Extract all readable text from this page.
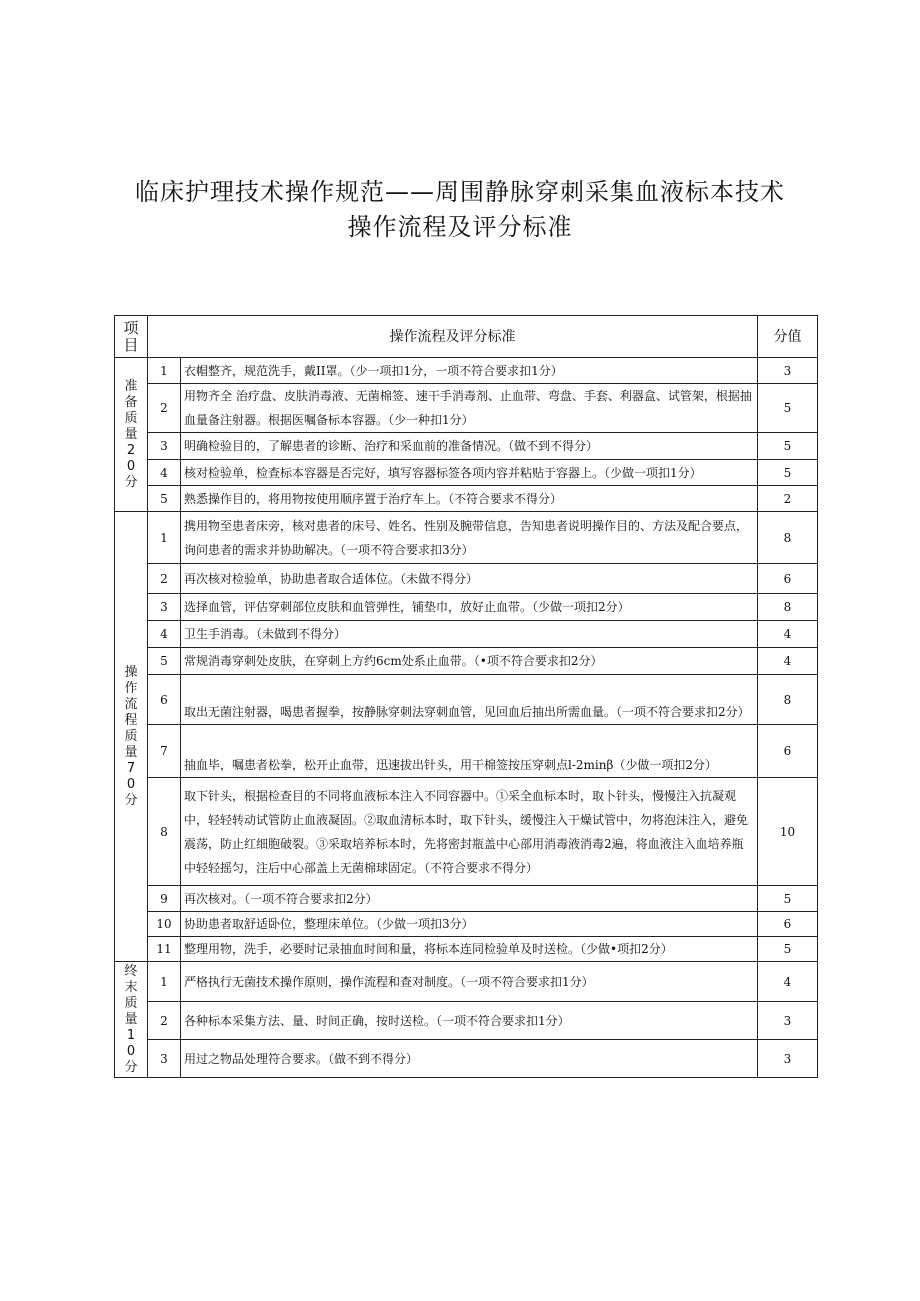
临床护理技术操作规范——周围静脉穿刺采集血液标本技术
操作流程及评分标准
项目	操作流程及评分标准		分值

准备质量20分	1	衣帽整齐，规范洗手，戴II罩。（少一项扣1分，一项不符合要求扣1分）	3
	2	用物齐全 治疗盘、皮肤消毒液、无菌棉签、速干手消毒剂、止血带、弯盘、手套、利器盒、试管架，根据抽血量备注射器。根据医嘱备标本容器。（少一种扣1分）	5
	3	明确检验目的，了解患者的诊断、治疗和采血前的准备情况。（做不到不得分）	5
	4	核对检验单，检查标本容器是否完好，填写容器标签各项内容并粘贴于容器上。（少做一项扣1分）	5
	5	熟悉操作目的，将用物按使用顺序置于治疗车上。（不符合要求不得分）	2

操作流程质量70分	1	携用物至患者床旁，核对患者的床号、姓名、性别及腕带信息，告知患者说明操作目的、方法及配合要点，询问患者的需求并协助解决。（一项不符合要求扣3分）	8
	2	再次核对检验单，协助患者取合适体位。（未做不得分）	6
	3	选择血管，评估穿刺部位皮肤和血管弹性，铺垫巾，放好止血带。（少做一项扣2分）	8
	4	卫生手消毒。（未做到不得分）	4
	5	常规消毒穿刺处皮肤，在穿刺上方约6cm处系止血带。（•项不符合要求扣2分）	4
	6	取出无菌注射器，喝患者握拳，按静脉穿刺法穿刺血管，见回血后抽出所需血量。（一项不符合要求扣2分）	8
	7	抽血毕，嘱患者松拳，松开止血带，迅速拔出针头，用干棉签按压穿刺点l-2minβ（少做一项扣2分）	6
	8	取下针头，根据检查目的不同将血液标本注入不同容器中。①采全血标本时，取卜针头，慢慢注入抗凝观中，轻轻转动试管防止血液凝固。②取血清标本时，取下针头，缓慢注入干燥试管中，勿将泡沫注入，避免震荡，防止红细胞破裂。③采取培养标本时，先将密封瓶盖中心部用消毒液消毒2遍，将血液注入血培养瓶中轻轻摇匀，注后中心部盖上无菌棉球固定。（不符合要求不得分）	10
	9	再次核对。（一项不符合要求扣2分）	5
	10	协助患者取舒适卧位，整理床单位。（少做一项扣3分）	6
	11	整理用物，洗手，必要时记录抽血时间和量，将标本连同检验单及时送检。（少做•项扣2分）	5

终末质量10分	1	严格执行无菌技术操作原则，操作流程和查对制度。（一项不符合要求扣1分）	4
	2	各种标本采集方法、量、时间正确，按时送检。（一项不符合要求扣1分）	3
	3	用过之物品处理符合要求。（做不到不得分）	3
